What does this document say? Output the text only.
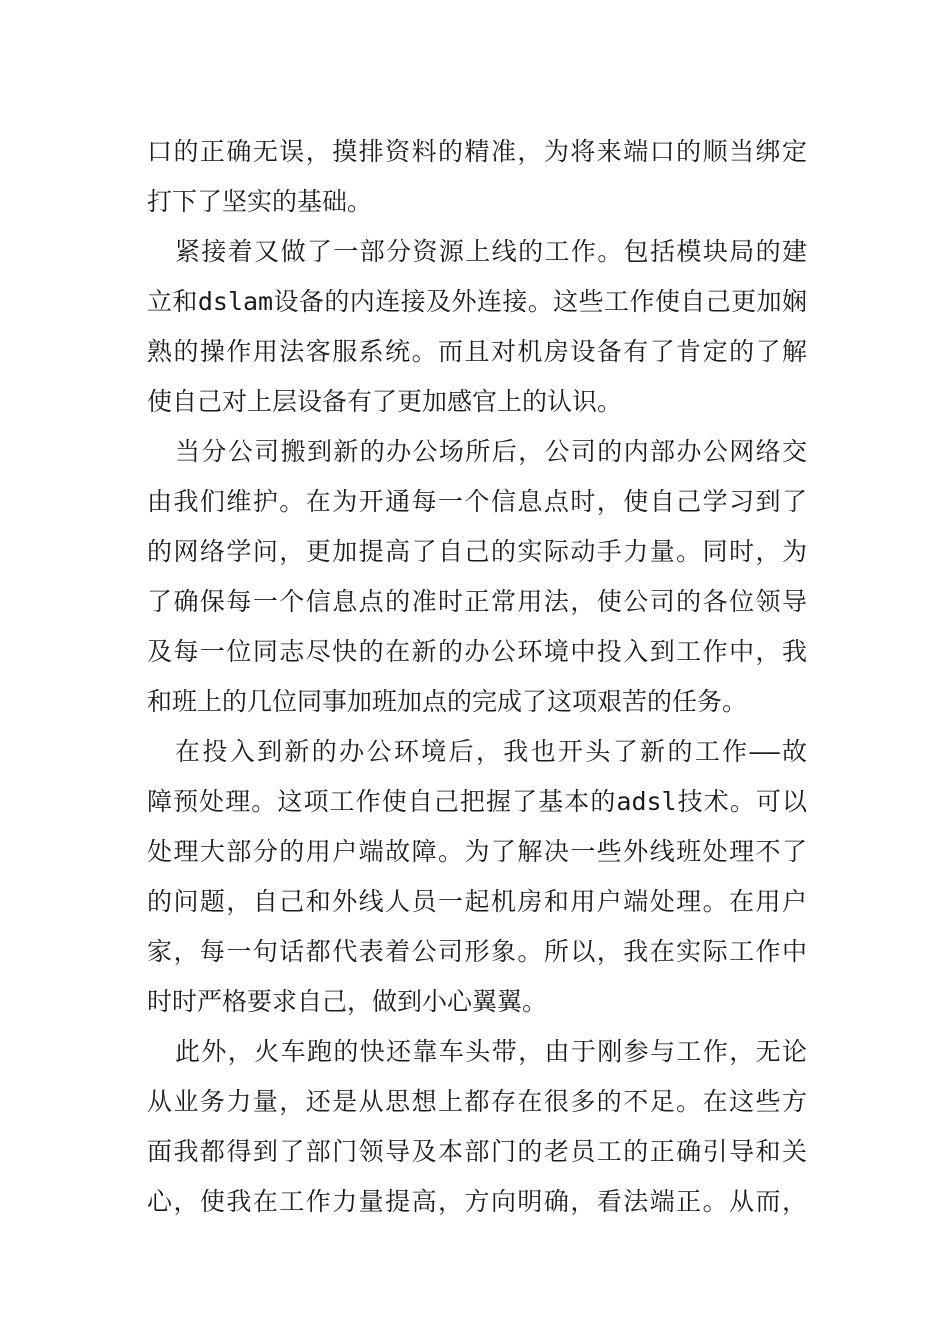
口的正确无误，摸排资料的精准，为将来端口的顺当绑定
打下了坚实的基础。
紧接着又做了一部分资源上线的工作。包括模块局的建
立和dslam设备的内连接及外连接。这些工作使自己更加娴
熟的操作用法客服系统。而且对机房设备有了肯定的了解
使自己对上层设备有了更加感官上的认识。
当分公司搬到新的办公场所后，公司的内部办公网络交
由我们维护。在为开通每一个信息点时，使自己学习到了
的网络学问，更加提高了自己的实际动手力量。同时，为
了确保每一个信息点的准时正常用法，使公司的各位领导
及每一位同志尽快的在新的办公环境中投入到工作中，我
和班上的几位同事加班加点的完成了这项艰苦的任务。
在投入到新的办公环境后，我也开头了新的工作——故
障预处理。这项工作使自己把握了基本的adsl技术。可以
处理大部分的用户端故障。为了解决一些外线班处理不了
的问题，自己和外线人员一起机房和用户端处理。在用户
家，每一句话都代表着公司形象。所以，我在实际工作中
时时严格要求自己，做到小心翼翼。
此外，火车跑的快还靠车头带，由于刚参与工作，无论
从业务力量，还是从思想上都存在很多的不足。在这些方
面我都得到了部门领导及本部门的老员工的正确引导和关
心，使我在工作力量提高，方向明确，看法端正。从而，
